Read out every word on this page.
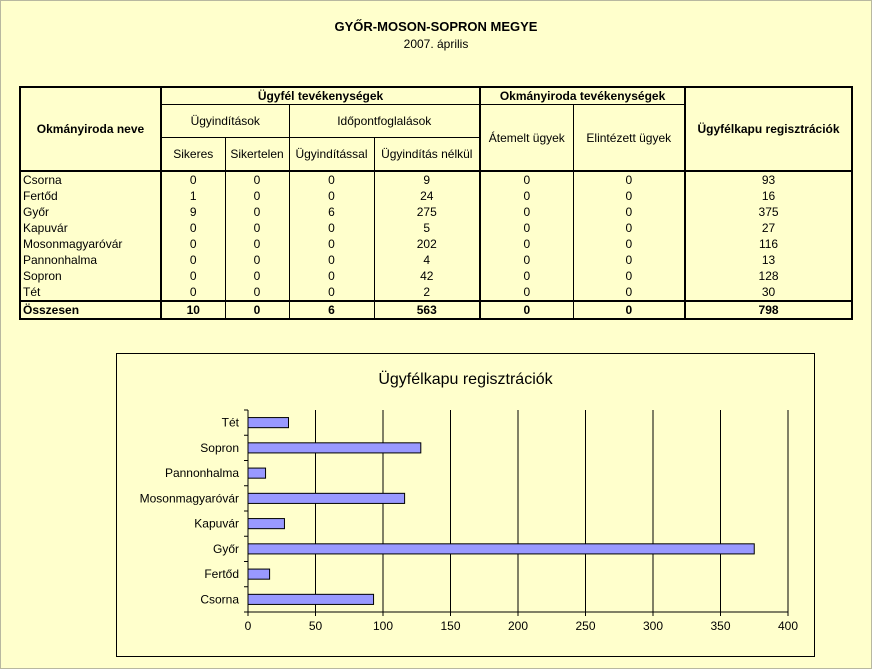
GYŐR-MOSON-SOPRON MEGYE
2007. április
Okmányiroda neve	Ügyfél tevékenységek				Okmányiroda tevékenységek		Ügyfélkapu regisztrációk
	Ügyindítások		Időpontfoglalások		Átemelt ügyek	Elintézett ügyek	
	Sikeres	Sikertelen	Ügyindítással	Ügyindítás nélkül			
Csorna	0	0	0	9	0	0	93
Fertőd	1	0	0	24	0	0	16
Győr	9	0	6	275	0	0	375
Kapuvár	0	0	0	5	0	0	27
Mosonmagyaróvár	0	0	0	202	0	0	116
Pannonhalma	0	0	0	4	0	0	13
Sopron	0	0	0	42	0	0	128
Tét	0	0	0	2	0	0	30
Összesen	10	0	6	563	0	0	798
Ügyfélkapu regisztrációk
0	50	100	150	200	250	300	350	400
Csorna
Fertőd
Győr
Kapuvár
Mosonmagyaróvár
Pannonhalma
Sopron
Tét
